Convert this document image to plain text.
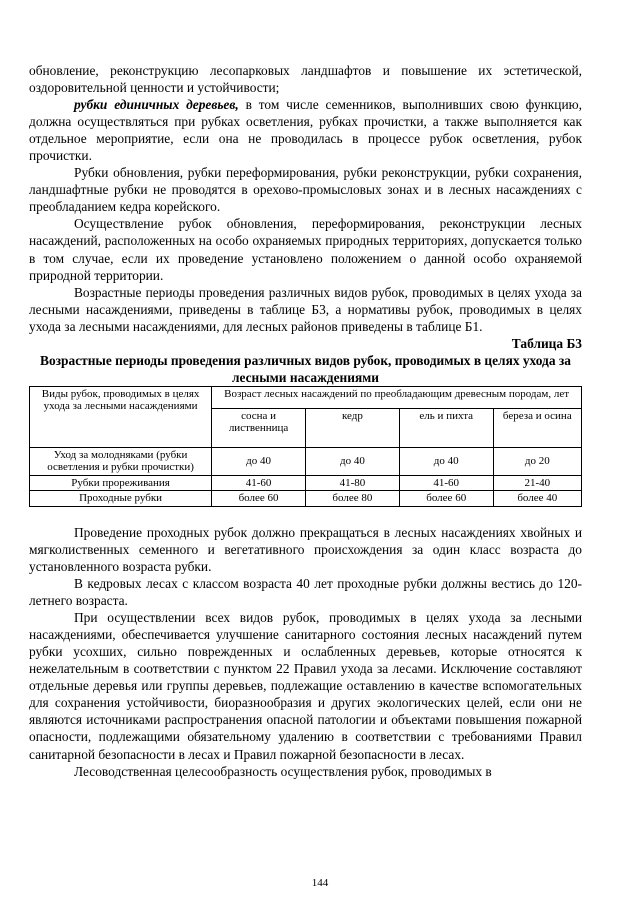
обновление, реконструкцию лесопарковых ландшафтов и повышение их эстетической, оздоровительной ценности и устойчивости;

рубки единичных деревьев, в том числе семенников, выполнивших свою функцию, должна осуществляться при рубках осветления, рубках прочистки, а также выполняется как отдельное мероприятие, если она не проводилась в процессе рубок осветления, рубок прочистки.

Рубки обновления, рубки переформирования, рубки реконструкции, рубки сохранения, ландшафтные рубки не проводятся в орехово-промысловых зонах и в лесных насаждениях с преобладанием кедра корейского.

Осуществление рубок обновления, переформирования, реконструкции лесных насаждений, расположенных на особо охраняемых природных территориях, допускается только в том случае, если их проведение установлено положением о данной особо охраняемой природной территории.

Возрастные периоды проведения различных видов рубок, проводимых в целях ухода за лесными насаждениями, приведены в таблице Б3, а нормативы рубок, проводимых в целях ухода за лесными насаждениями, для лесных районов приведены в таблице Б1.

Таблица Б3

Возрастные периоды проведения различных видов рубок, проводимых в целях ухода за лесными насаждениями

Виды рубок, проводимых в целях ухода за лесными насаждениями	Возраст лесных насаждений по преобладающим древесным породам, лет			
	сосна и лиственница	кедр	ель и пихта	береза и осина
Уход за молодняками (рубки осветления и рубки прочистки)	до 40	до 40	до 40	до 20
Рубки прореживания	41-60	41-80	41-60	21-40
Проходные рубки	более 60	более 80	более 60	более 40

Проведение проходных рубок должно прекращаться в лесных насаждениях хвойных и мягколиственных семенного и вегетативного происхождения за один класс возраста до установленного возраста рубки.

В кедровых лесах с классом возраста 40 лет проходные рубки должны вестись до 120-летнего возраста.

При осуществлении всех видов рубок, проводимых в целях ухода за лесными насаждениями, обеспечивается улучшение санитарного состояния лесных насаждений путем рубки усохших, сильно поврежденных и ослабленных деревьев, которые относятся к нежелательным в соответствии с пунктом 22 Правил ухода за лесами. Исключение составляют отдельные деревья или группы деревьев, подлежащие оставлению в качестве вспомогательных для сохранения устойчивости, биоразнообразия и других экологических целей, если они не являются источниками распространения опасной патологии и объектами повышения пожарной опасности, подлежащими обязательному удалению в соответствии с требованиями Правил санитарной безопасности в лесах и Правил пожарной безопасности в лесах.

Лесоводственная целесообразность осуществления рубок, проводимых в

144
